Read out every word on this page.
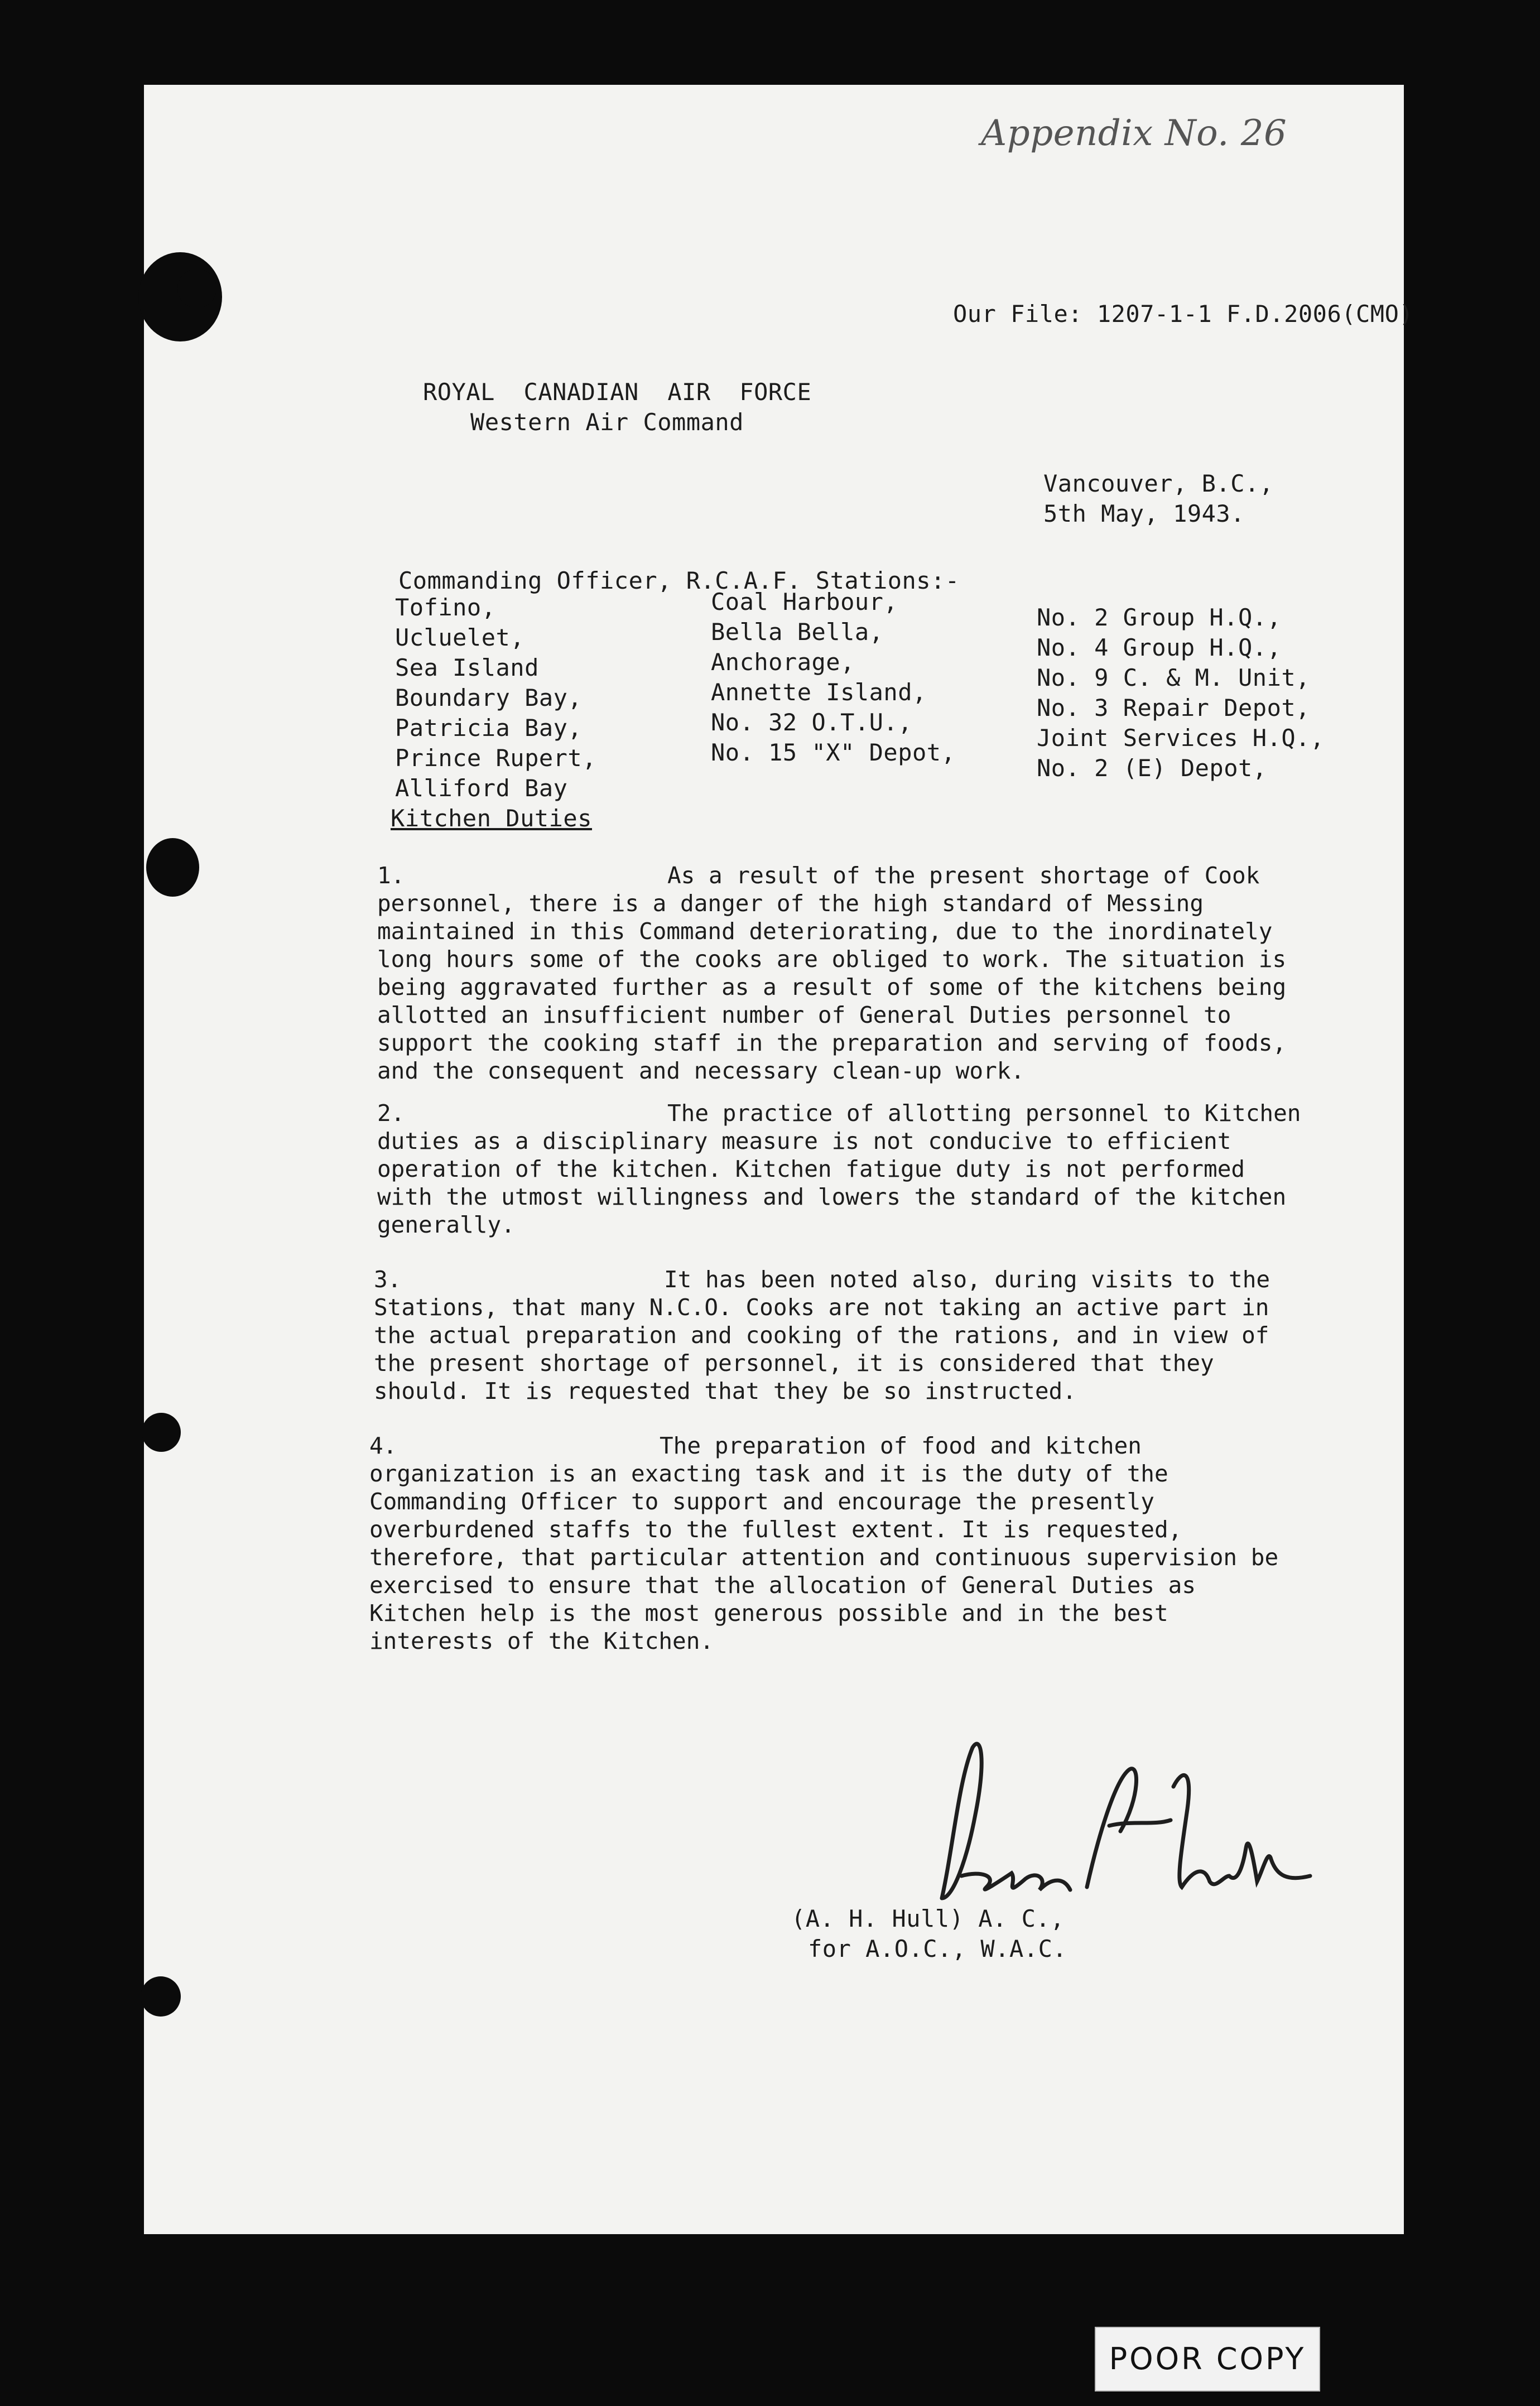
Appendix No. 26
Our File: 1207-1-1 F.D.2006(CMO)
ROYAL  CANADIAN  AIR  FORCE
Western Air Command
Vancouver, B.C.,
5th May, 1943.
Commanding Officer, R.C.A.F. Stations:-
Tofino,
Ucluelet,
Sea Island
Boundary Bay,
Patricia Bay,
Prince Rupert,
Alliford Bay
Coal Harbour,
Bella Bella,
Anchorage,
Annette Island,
No. 32 O.T.U.,
No. 15 "X" Depot,
No. 2 Group H.Q.,
No. 4 Group H.Q.,
No. 9 C. & M. Unit,
No. 3 Repair Depot,
Joint Services H.Q.,
No. 2 (E) Depot,
Kitchen Duties
1.	As a result of the present shortage of Cook personnel, there is a danger of the high standard of Messing maintained in this Command deteriorating, due to the inordinately long hours some of the cooks are obliged to work. The situation is being aggravated further as a result of some of the kitchens being allotted an insufficient number of General Duties personnel to support the cooking staff in the preparation and serving of foods, and the consequent and necessary clean-up work.
2.	The practice of allotting personnel to Kitchen duties as a disciplinary measure is not conducive to efficient operation of the kitchen. Kitchen fatigue duty is not performed with the utmost willingness and lowers the standard of the kitchen generally.
3.	It has been noted also, during visits to the Stations, that many N.C.O. Cooks are not taking an active part in the actual preparation and cooking of the rations, and in view of the present shortage of personnel, it is considered that they should. It is requested that they be so instructed.
4.	The preparation of food and kitchen organization is an exacting task and it is the duty of the Commanding Officer to support and encourage the presently overburdened staffs to the fullest extent. It is requested, therefore, that particular attention and continuous supervision be exercised to ensure that the allocation of General Duties as Kitchen help is the most generous possible and in the best interests of the Kitchen.
(A. H. Hull) A. C.,
for A.O.C., W.A.C.
POOR COPY
